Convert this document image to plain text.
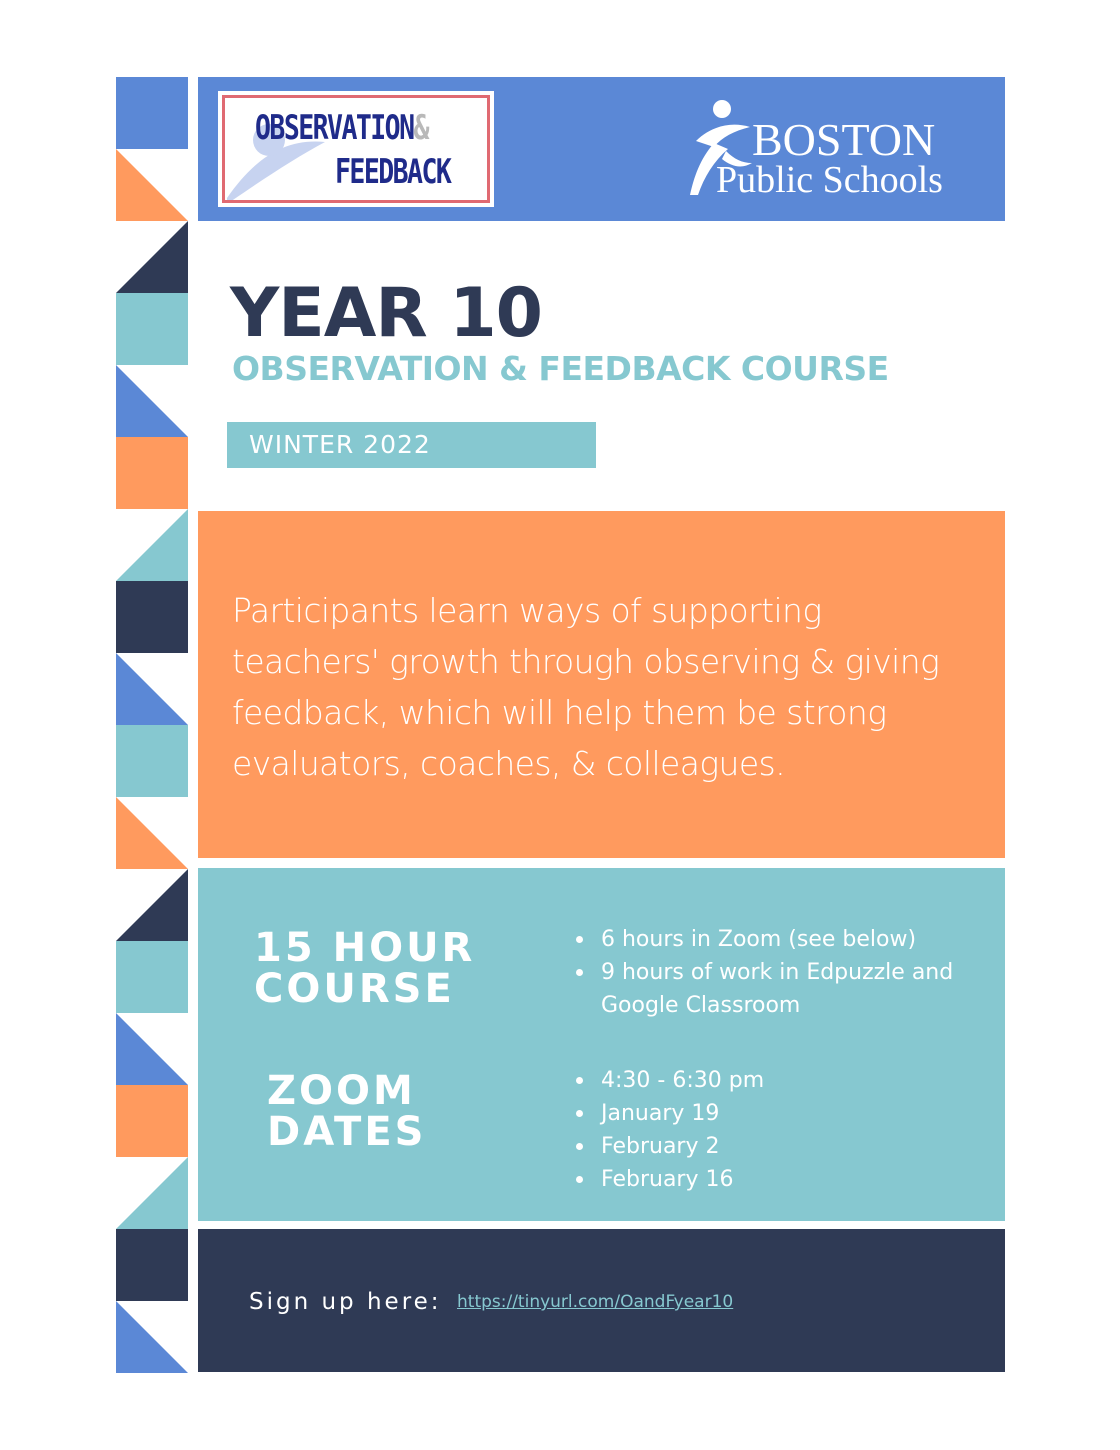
OBSERVATION&
FEEDBACK
BOSTON
Public Schools
YEAR 10
OBSERVATION & FEEDBACK COURSE
WINTER 2022

Participants learn ways of supporting teachers' growth through observing & giving feedback, which will help them be strong evaluators, coaches, & colleagues.

15 HOUR
COURSE
6 hours in Zoom (see below)
9 hours of work in Edpuzzle and Google Classroom
ZOOM
DATES
4:30 - 6:30 pm
January 19
February 2
February 16
Sign up here: https://tinyurl.com/OandFyear10
